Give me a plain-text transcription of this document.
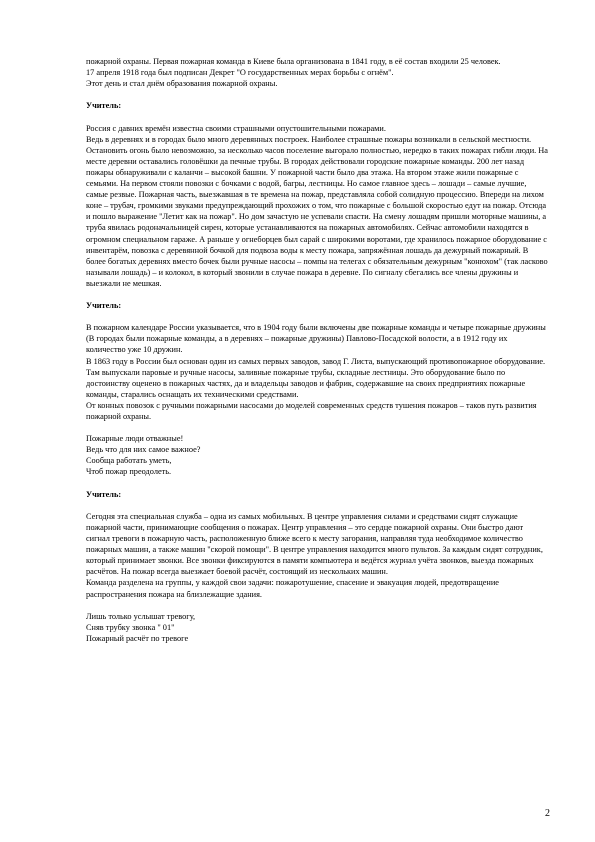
пожарной охраны. Первая пожарная команда в Киеве была организована в 1841 году, в её состав входили 25 человек.

17 апреля 1918 года был подписан Декрет "О государственных мерах борьбы с огнём".

Этот день и стал днём образования пожарной охраны.

Учитель:

Россия с давних времён известна своими страшными опустошительными пожарами.

Ведь в деревнях и в городах было много деревянных построек. Наиболее страшные пожары возникали в сельской местности. Остановить огонь было невозможно, за несколько часов поселение выгорало полностью, нередко в таких пожарах гибли люди. На месте деревни оставались головёшки да печные трубы. В городах действовали городские пожарные команды. 200 лет назад пожары обнаруживали с каланчи – высокой башни. У пожарной части было два этажа. На втором этаже жили пожарные с семьями. На первом стояли повозки с бочками с водой, багры, лестницы. Но самое главное здесь – лошади – самые лучшие, самые резвые. Пожарная часть, выезжавшая в те времена на пожар, представляла собой солидную процессию. Впереди на лихом коне – трубач, громкими звуками предупреждающий прохожих о том, что пожарные с большой скоростью едут на пожар. Отсюда и пошло выражение "Летит как на пожар". Но дом зачастую не успевали спасти. На смену лошадям пришли моторные машины, а труба явилась родоначальницей сирен, которые устанавливаются на пожарных автомобилях. Сейчас автомобили находятся в огромном специальном гараже. А раньше у огнеборцев был сарай с широкими воротами, где хранилось пожарное оборудование с инвентарём, повозка с деревянной бочкой для подвоза воды к месту пожара, запряжённая лошадь да дежурный пожарный. В более богатых деревнях вместо бочек были ручные насосы – помпы на телегах с обязательным дежурным "конюхом" (так ласково называли лошадь) – и колокол, в который звонили в случае пожара в деревне. По сигналу сбегались все члены дружины и выезжали не мешкая.

Учитель:

В пожарном календаре России указывается, что в 1904 году были включены две пожарные команды и четыре пожарные дружины (В городах были пожарные команды, а в деревнях – пожарные дружины) Павлово-Посадской волости, а в 1912 году их количество уже 10 дружин.

В 1863 году в России был основан один из самых первых заводов, завод Г. Листа, выпускающий противопожарное оборудование. Там выпускали паровые и ручные насосы, заливные пожарные трубы, складные лестницы. Это оборудование было по достоинству оценено в пожарных частях, да и владельцы заводов и фабрик, содержавшие на своих предприятиях пожарные команды, старались оснащать их техническими средствами.

От конных повозок с ручными пожарными насосами до моделей современных средств тушения пожаров – таков путь развития пожарной охраны.

Пожарные люди отважные!

Ведь что для них самое важное?

Сообща работать уметь,

Чтоб пожар преодолеть.

Учитель:

Сегодня эта специальная служба – одна из самых мобильных. В центре управления силами и средствами сидят служащие пожарной части, принимающие сообщения о пожарах. Центр управления – это сердце пожарной охраны. Они быстро дают сигнал тревоги в пожарную часть, расположенную ближе всего к месту загорания, направляя туда необходимое количество пожарных машин, а также машин "скорой помощи". В центре управления находится много пультов. За каждым сидят сотрудник, который принимает звонки. Все звонки фиксируются в памяти компьютера и ведётся журнал учёта звонков, выезда пожарных расчётов. На пожар всегда выезжает боевой расчёт, состоящий из нескольких машин.

Команда разделена на группы, у каждой свои задачи: пожаротушение, спасение и эвакуация людей, предотвращение распространения пожара на близлежащие здания.

Лишь только услышат тревогу,

Сняв трубку звонка " 01"

Пожарный расчёт по тревоге

2
